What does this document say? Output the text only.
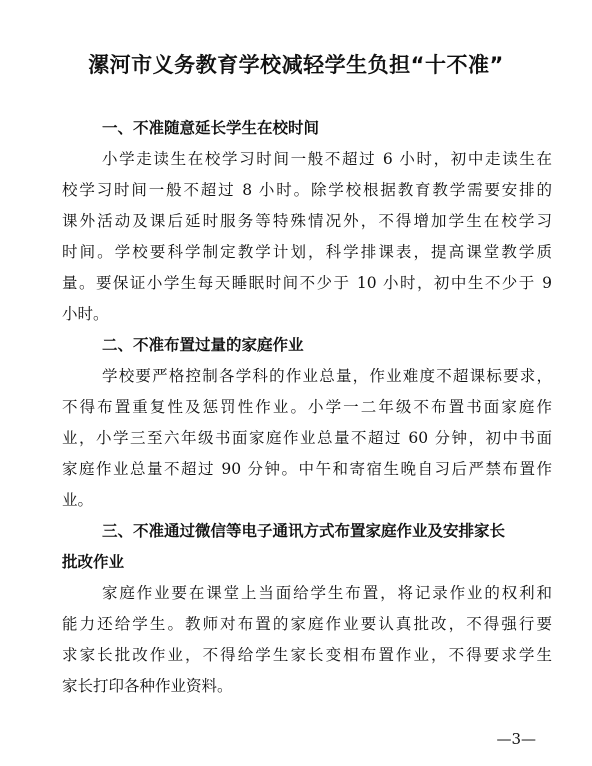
漯河市义务教育学校减轻学生负担“十不准”
一、不准随意延长学生在校时间
小学走读生在校学习时间一般不超过 6 小时，初中走读生在
校学习时间一般不超过 8 小时。除学校根据教育教学需要安排的
课外活动及课后延时服务等特殊情况外，不得增加学生在校学习
时间。学校要科学制定教学计划，科学排课表，提高课堂教学质
量。要保证小学生每天睡眠时间不少于 10 小时，初中生不少于 9
小时。
二、不准布置过量的家庭作业
学校要严格控制各学科的作业总量，作业难度不超课标要求，
不得布置重复性及惩罚性作业。小学一二年级不布置书面家庭作
业，小学三至六年级书面家庭作业总量不超过 60 分钟，初中书面
家庭作业总量不超过 90 分钟。中午和寄宿生晚自习后严禁布置作
业。
三、不准通过微信等电子通讯方式布置家庭作业及安排家长
批改作业
家庭作业要在课堂上当面给学生布置，将记录作业的权利和
能力还给学生。教师对布置的家庭作业要认真批改，不得强行要
求家长批改作业，不得给学生家长变相布置作业，不得要求学生
家长打印各种作业资料。
—3—
